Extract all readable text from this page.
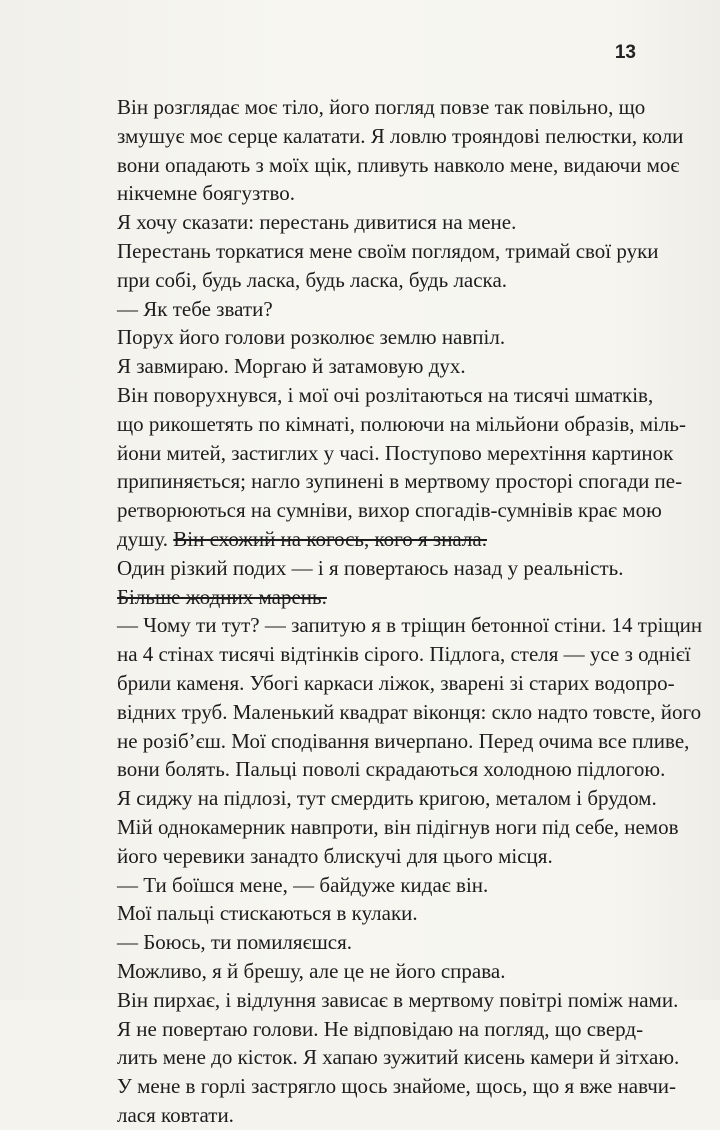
13
Він розглядає моє тіло, його погляд повзе так повільно, що
змушує моє серце калатати. Я ловлю трояндові пелюстки, коли
вони опадають з моїх щік, пливуть навколо мене, видаючи моє
нікчемне боягузтво.
Я хочу сказати: перестань дивитися на мене.
Перестань торкатися мене своїм поглядом, тримай свої руки
при собі, будь ласка, будь ласка, будь ласка.
— Як тебе звати?
Порух його голови розколює землю навпіл.
Я завмираю. Моргаю й затамовую дух.
Він поворухнувся, і мої очі розлітаються на тисячі шматків,
що рикошетять по кімнаті, полюючи на мільйони образів, міль-
йони митей, застиглих у часі. Поступово мерехтіння картинок
припиняється; нагло зупинені в мертвому просторі спогади пе-
ретворюються на сумніви, вихор спогадів-сумнівів крає мою
душу. Він схожий на когось, кого я знала.
Один різкий подих — і я повертаюсь назад у реальність.
Більше жодних марень.
— Чому ти тут? — запитую я в тріщин бетонної стіни. 14 тріщин
на 4 стінах тисячі відтінків сірого. Підлога, стеля — усе з однієї
брили каменя. Убогі каркаси ліжок, зварені зі старих водопро-
відних труб. Маленький квадрат віконця: скло надто товсте, його
не розіб’єш. Мої сподівання вичерпано. Перед очима все пливе,
вони болять. Пальці поволі скрадаються холодною підлогою.
Я сиджу на підлозі, тут смердить кригою, металом і брудом.
Мій однокамерник навпроти, він підігнув ноги під себе, немов
його черевики занадто блискучі для цього місця.
— Ти боїшся мене, — байдуже кидає він.
Мої пальці стискаються в кулаки.
— Боюсь, ти помиляєшся.
Можливо, я й брешу, але це не його справа.
Він пирхає, і відлуння зависає в мертвому повітрі поміж нами.
Я не повертаю голови. Не відповідаю на погляд, що сверд-
лить мене до кісток. Я хапаю зужитий кисень камери й зітхаю.
У мене в горлі застрягло щось знайоме, щось, що я вже навчи-
лася ковтати.
